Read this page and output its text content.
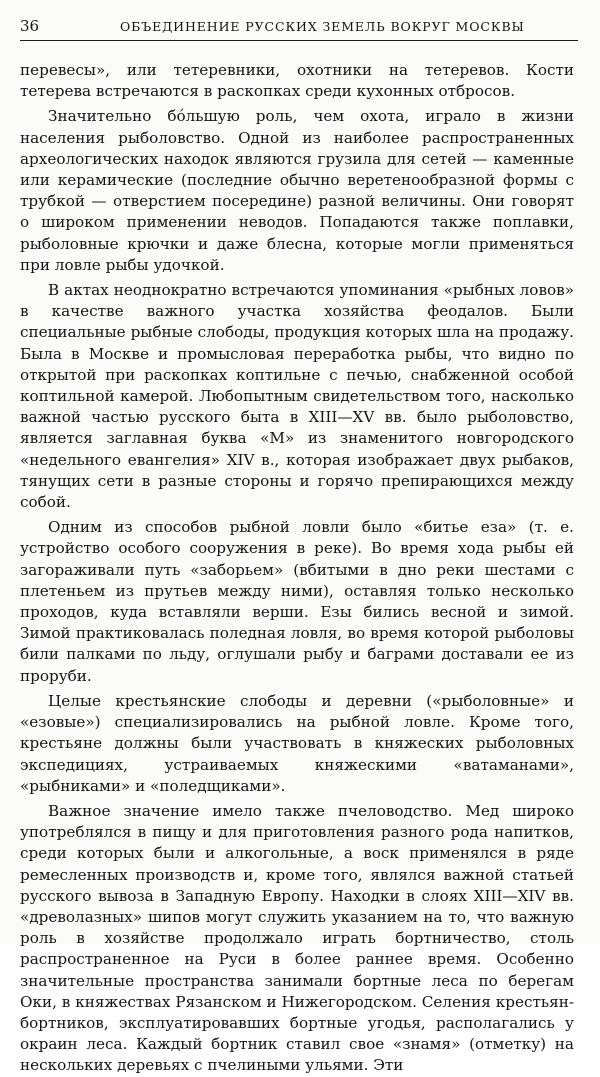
36	ОБЪЕДИНЕНИЕ РУССКИХ ЗЕМЕЛЬ ВОКРУГ МОСКВЫ

перевесы», или тетеревники, охотники на тетеревов. Кости тетерева встречаются в раскопках среди кухонных отбросов.

Значительно бо́льшую роль, чем охота, играло в жизни населения рыболовство. Одной из наиболее распространенных археологических находок являются грузила для сетей — каменные или керамические (последние обычно веретенообразной формы с трубкой — отверстием посередине) разной величины. Они говорят о широком применении неводов. Попадаются также поплавки, рыболовные крючки и даже блесна, которые могли применяться при ловле рыбы удочкой.

В актах неоднократно встречаются упоминания «рыбных ловов» в качестве важного участка хозяйства феодалов. Были специальные рыбные слободы, продукция которых шла на продажу. Была в Москве и промысловая переработка рыбы, что видно по открытой при раскопках коптильне с печью, снабженной особой коптильной камерой. Любопытным свидетельством того, насколько важной частью русского быта в XIII—XV вв. было рыболовство, является заглавная буква «М» из знаменитого новгородского «недельного евангелия» XIV в., которая изображает двух рыбаков, тянущих сети в разные стороны и горячо препирающихся между собой.

Одним из способов рыбной ловли было «битье еза» (т. е. устройство особого сооружения в реке). Во время хода рыбы ей загораживали путь «заборьем» (вбитыми в дно реки шестами с плетеньем из прутьев между ними), оставляя только несколько проходов, куда вставляли верши. Езы бились весной и зимой. Зимой практиковалась поледная ловля, во время которой рыболовы били палками по льду, оглушали рыбу и баграми доставали ее из проруби.

Целые крестьянские слободы и деревни («рыболовные» и «езовые») специализировались на рыбной ловле. Кроме того, крестьяне должны были участвовать в княжеских рыболовных экспедициях, устраиваемых княжескими «ватаманами», «рыбниками» и «поледщиками».

Важное значение имело также пчеловодство. Мед широко употреблялся в пищу и для приготовления разного рода напитков, среди которых были и алкогольные, а воск применялся в ряде ремесленных производств и, кроме того, являлся важной статьей русского вывоза в Западную Европу. Находки в слоях XIII—XIV вв. «древолазных» шипов могут служить указанием на то, что важную роль в хозяйстве продолжало играть бортничество, столь распространенное на Руси в более раннее время. Особенно значительные пространства занимали бортные леса по берегам Оки, в княжествах Рязанском и Нижегородском. Селения крестьян- бортников, эксплуатировавших бортные угодья, располагались у окраин леса. Каждый бортник ставил свое «знамя» (отметку) на нескольких деревьях с пчелиными ульями. Эти
